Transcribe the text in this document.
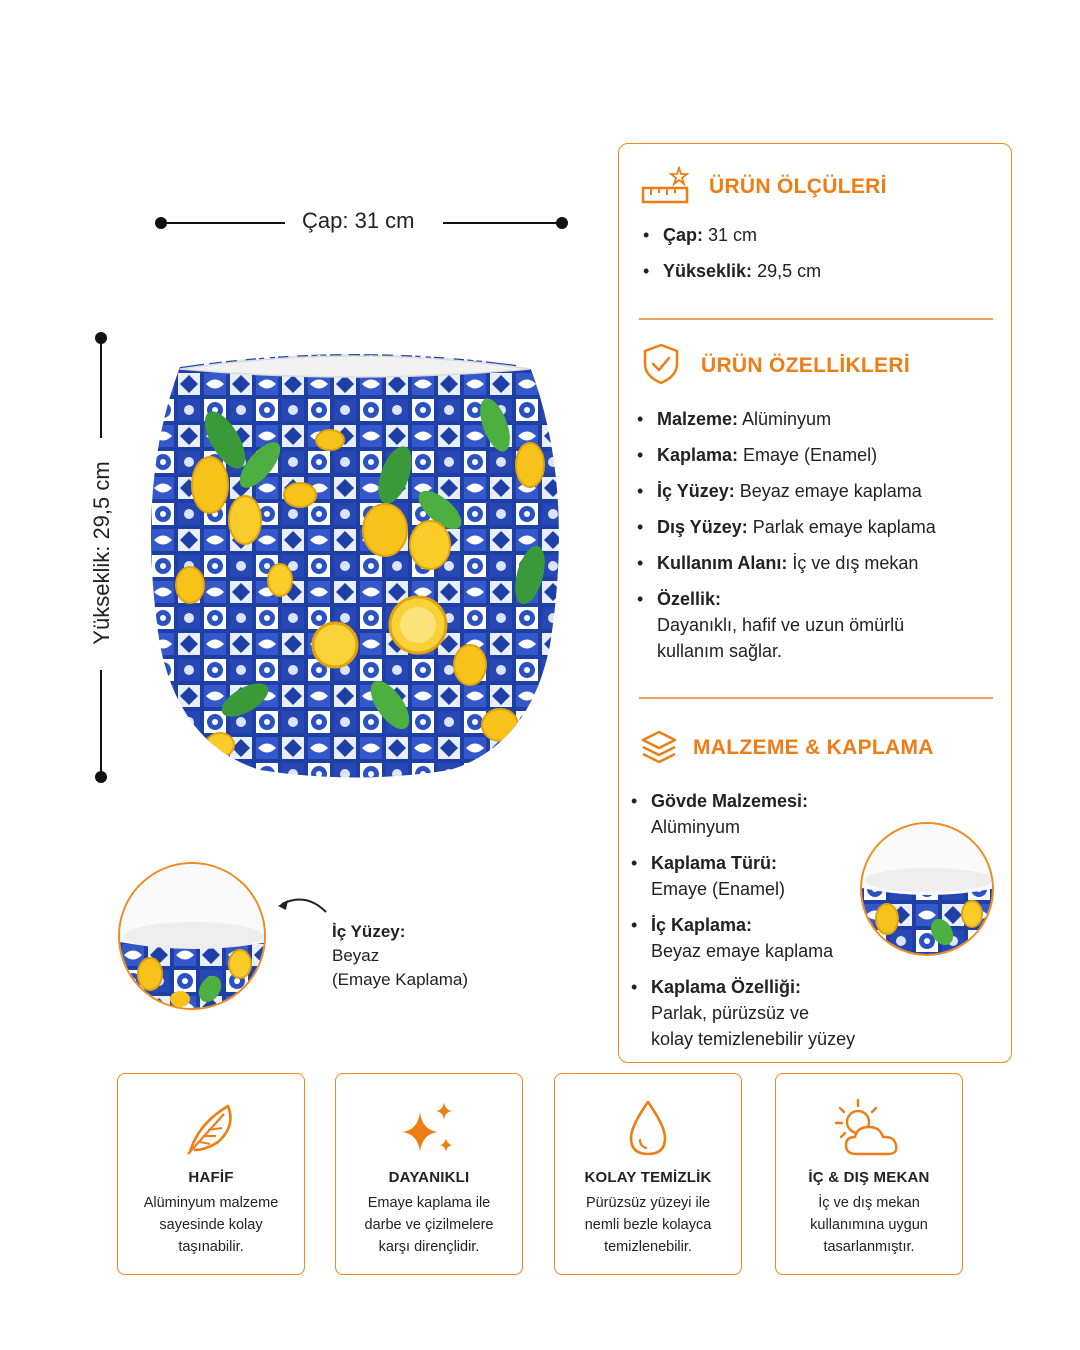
Çap: 31 cm
Yükseklik: 29,5 cm
İç Yüzey:
Beyaz
(Emaye Kaplama)
ÜRÜN ÖLÇÜLERİ
• Çap: 31 cm
• Yükseklik: 29,5 cm
ÜRÜN ÖZELLİKLERİ
• Malzeme: Alüminyum
• Kaplama: Emaye (Enamel)
• İç Yüzey: Beyaz emaye kaplama
• Dış Yüzey: Parlak emaye kaplama
• Kullanım Alanı: İç ve dış mekan
• Özellik:
Dayanıklı, hafif ve uzun ömürlü
kullanım sağlar.
MALZEME & KAPLAMA
• Gövde Malzemesi:
Alüminyum
• Kaplama Türü:
Emaye (Enamel)
• İç Kaplama:
Beyaz emaye kaplama
• Kaplama Özelliği:
Parlak, pürüzsüz ve
kolay temizlenebilir yüzey
HAFİF
Alüminyum malzeme
sayesinde kolay
taşınabilir.
DAYANIKLI
Emaye kaplama ile
darbe ve çizilmelere
karşı dirençlidir.
KOLAY TEMİZLİK
Pürüzsüz yüzeyi ile
nemli bezle kolayca
temizlenebilir.
İÇ & DIŞ MEKAN
İç ve dış mekan
kullanımına uygun
tasarlanmıştır.
